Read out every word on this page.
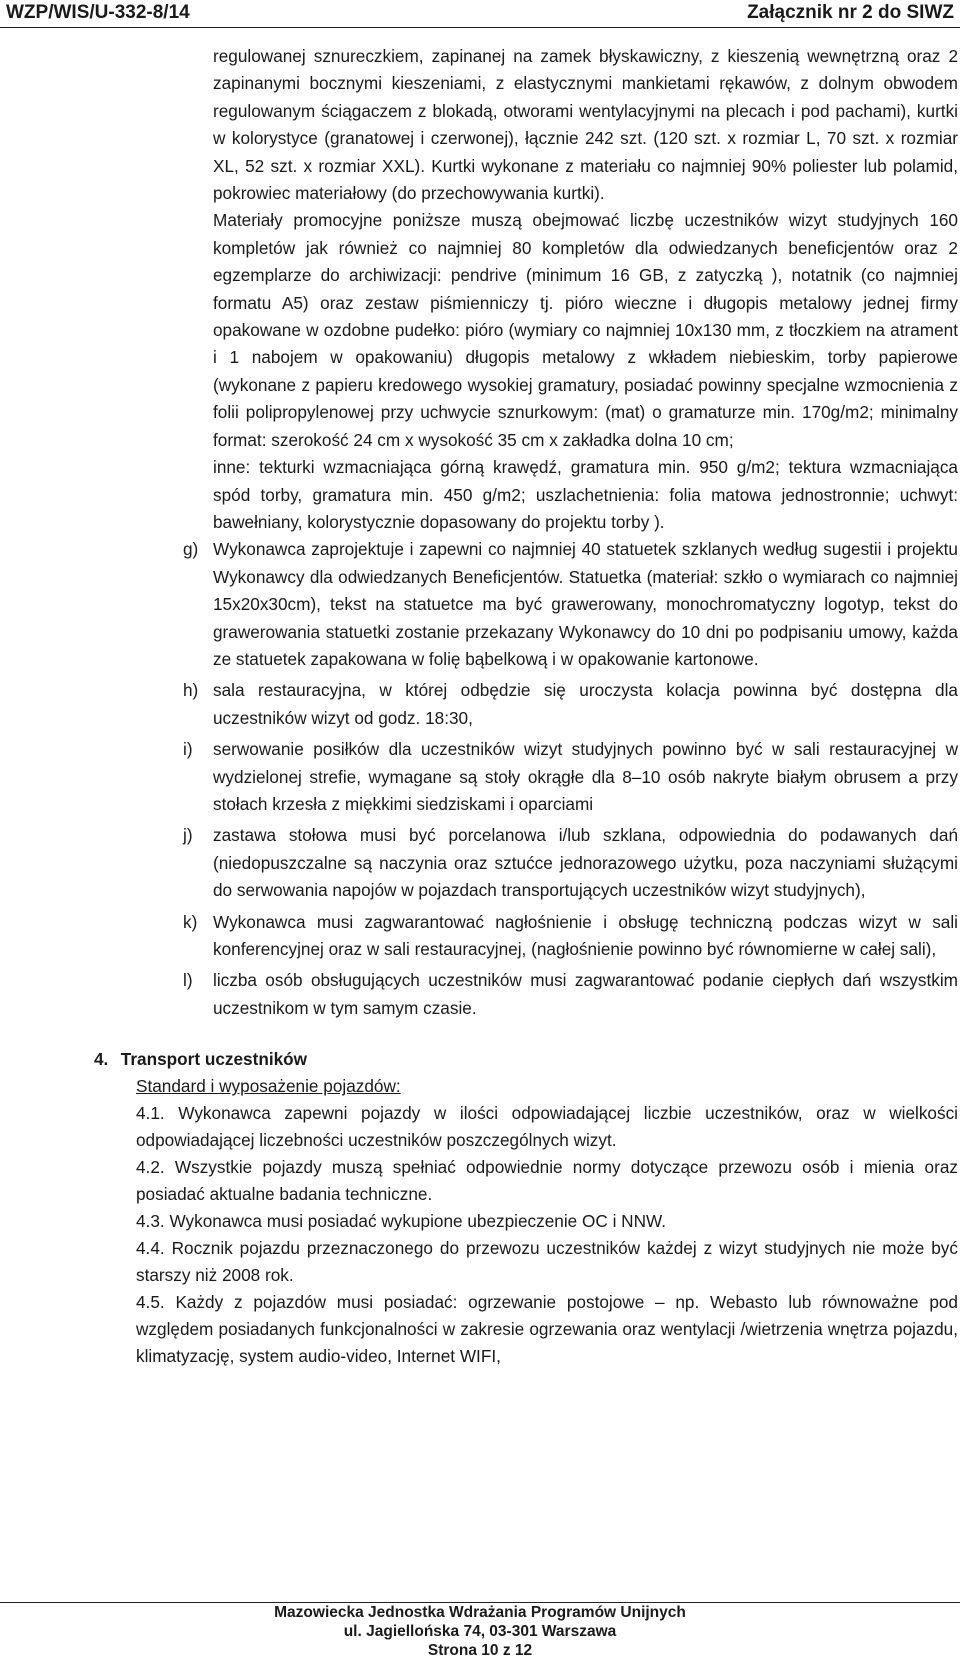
WZP/WIS/U-332-8/14	Załącznik nr 2 do SIWZ

regulowanej sznureczkiem, zapinanej na zamek błyskawiczny, z kieszenią wewnętrzną oraz 2 zapinanymi bocznymi kieszeniami, z elastycznymi mankietami rękawów, z dolnym obwodem regulowanym ściągaczem z blokadą, otworami wentylacyjnymi na plecach i pod pachami), kurtki w kolorystyce (granatowej i czerwonej), łącznie 242 szt. (120 szt. x rozmiar L, 70 szt. x rozmiar XL, 52 szt. x rozmiar XXL). Kurtki wykonane z materiału co najmniej 90% poliester lub polamid, pokrowiec materiałowy (do przechowywania kurtki).

Materiały promocyjne poniższe muszą obejmować liczbę uczestników wizyt studyjnych 160 kompletów jak również co najmniej 80 kompletów dla odwiedzanych beneficjentów oraz 2 egzemplarze do archiwizacji: pendrive (minimum 16 GB, z zatyczką ), notatnik (co najmniej formatu A5) oraz zestaw piśmienniczy tj. pióro wieczne i długopis metalowy jednej firmy opakowane w ozdobne pudełko: pióro (wymiary co najmniej 10x130 mm, z tłoczkiem na atrament i 1 nabojem w opakowaniu) długopis metalowy z wkładem niebieskim, torby papierowe (wykonane z papieru kredowego wysokiej gramatury, posiadać powinny specjalne wzmocnienia z folii polipropylenowej przy uchwycie sznurkowym: (mat) o gramaturze min. 170g/m2; minimalny format: szerokość 24 cm x wysokość 35 cm x zakładka dolna 10 cm;

inne: tekturki wzmacniająca górną krawędź, gramatura min. 950 g/m2; tektura wzmacniająca spód torby, gramatura min. 450 g/m2; uszlachetnienia: folia matowa jednostronnie; uchwyt: bawełniany, kolorystycznie dopasowany do projektu torby ).

g) Wykonawca zaprojektuje i zapewni co najmniej 40 statuetek szklanych według sugestii i projektu Wykonawcy dla odwiedzanych Beneficjentów. Statuetka (materiał: szkło o wymiarach co najmniej 15x20x30cm), tekst na statuetce ma być grawerowany, monochromatyczny logotyp, tekst do grawerowania statuetki zostanie przekazany Wykonawcy do 10 dni po podpisaniu umowy, każda ze statuetek zapakowana w folię bąbelkową i w opakowanie kartonowe.

h) sala restauracyjna, w której odbędzie się uroczysta kolacja powinna być dostępna dla uczestników wizyt od godz. 18:30,

i) serwowanie posiłków dla uczestników wizyt studyjnych powinno być w sali restauracyjnej w wydzielonej strefie, wymagane są stoły okrągłe dla 8–10 osób nakryte białym obrusem a przy stołach krzesła z miękkimi siedziskami i oparciami

j) zastawa stołowa musi być porcelanowa i/lub szklana, odpowiednia do podawanych dań (niedopuszczalne są naczynia oraz sztućce jednorazowego użytku, poza naczyniami służącymi do serwowania napojów w pojazdach transportujących uczestników wizyt studyjnych),

k) Wykonawca musi zagwarantować nagłośnienie i obsługę techniczną podczas wizyt w sali konferencyjnej oraz w sali restauracyjnej, (nagłośnienie powinno być równomierne w całej sali),

l) liczba osób obsługujących uczestników musi zagwarantować podanie ciepłych dań wszystkim uczestnikom w tym samym czasie.

4. Transport uczestników
Standard i wyposażenie pojazdów:

4.1. Wykonawca zapewni pojazdy w ilości odpowiadającej liczbie uczestników, oraz w wielkości odpowiadającej liczebności uczestników poszczególnych wizyt.

4.2. Wszystkie pojazdy muszą spełniać odpowiednie normy dotyczące przewozu osób i mienia oraz posiadać aktualne badania techniczne.

4.3. Wykonawca musi posiadać wykupione ubezpieczenie OC i NNW.

4.4. Rocznik pojazdu przeznaczonego do przewozu uczestników każdej z wizyt studyjnych nie może być starszy niż 2008 rok.

4.5. Każdy z pojazdów musi posiadać: ogrzewanie postojowe – np. Webasto lub równoważne pod względem posiadanych funkcjonalności w zakresie ogrzewania oraz wentylacji /wietrzenia wnętrza pojazdu, klimatyzację, system audio-video, Internet WIFI,

Mazowiecka Jednostka Wdrażania Programów Unijnych
ul. Jagiellońska 74, 03-301 Warszawa
Strona 10 z 12
